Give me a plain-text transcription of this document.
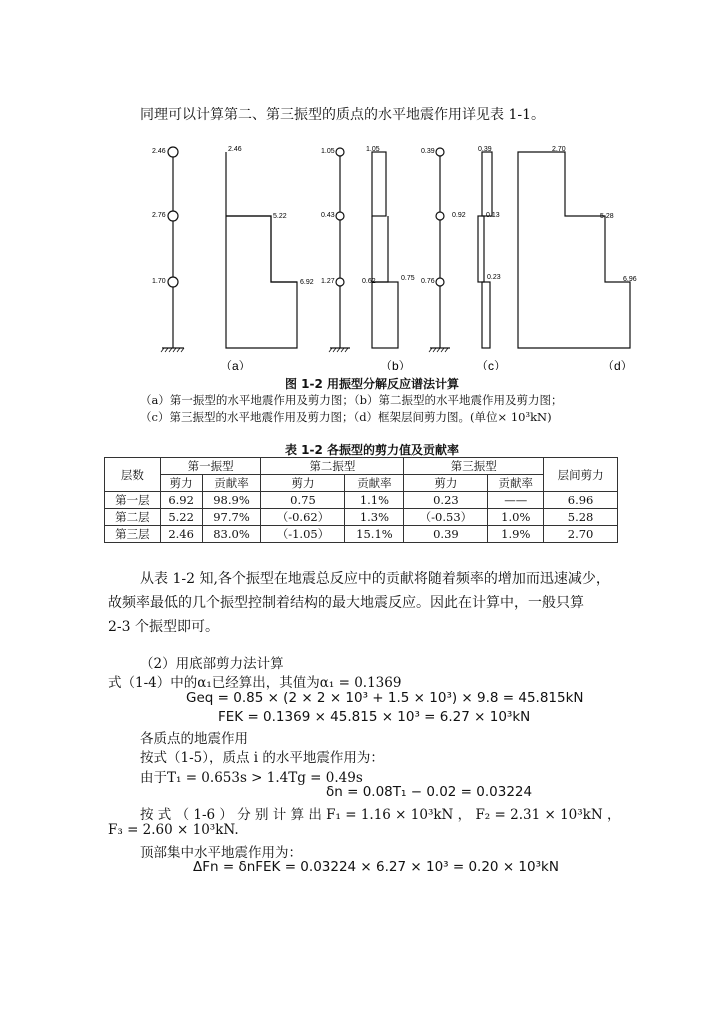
同理可以计算第二、第三振型的质点的水平地震作用详见表 1-1。
2.46
2.76
1.70
2.46
5.22
6.92
（a）
1.05
0.43
1.27
1.05
0.62	0.75
（b）
0.39
0.92
0.76
0.39
0.13
0.23
（c）
2.70
5.28
6.96
（d）
图 1-2 用振型分解反应谱法计算
（a）第一振型的水平地震作用及剪力图；（b）第二振型的水平地震作用及剪力图；
（c）第三振型的水平地震作用及剪力图；（d）框架层间剪力图。(单位× 10³kN)
表 1-2 各振型的剪力值及贡献率
层数	第一振型		第二振型		第三振型		层间剪力
	剪力	贡献率	剪力	贡献率	剪力	贡献率	
第一层	6.92	98.9%	0.75	1.1%	0.23	——	6.96
第二层	5.22	97.7%	（-0.62）	1.3%	（-0.53）	1.0%	5.28
第三层	2.46	83.0%	（-1.05）	15.1%	0.39	1.9%	2.70
从表 1-2 知,各个振型在地震总反应中的贡献将随着频率的增加而迅速减少，
故频率最低的几个振型控制着结构的最大地震反应。因此在计算中，一般只算
2-3 个振型即可。
（2）用底部剪力法计算
式（1-4）中的α₁已经算出，其值为α₁ = 0.1369
Geq = 0.85 × (2 × 2 × 10³ + 1.5 × 10³) × 9.8 = 45.815kN
FEK = 0.1369 × 45.815 × 10³ = 6.27 × 10³kN
各质点的地震作用
按式（1-5），质点 i 的水平地震作用为：
由于T₁ = 0.653s > 1.4Tg = 0.49s
δn = 0.08T₁ − 0.02 = 0.03224
按 式 （ 1-6 ） 分 别 计 算 出 F₁ = 1.16 × 10³kN ， F₂ = 2.31 × 10³kN ，
F₃ = 2.60 × 10³kN.
顶部集中水平地震作用为：
ΔFn = δnFEK = 0.03224 × 6.27 × 10³ = 0.20 × 10³kN
